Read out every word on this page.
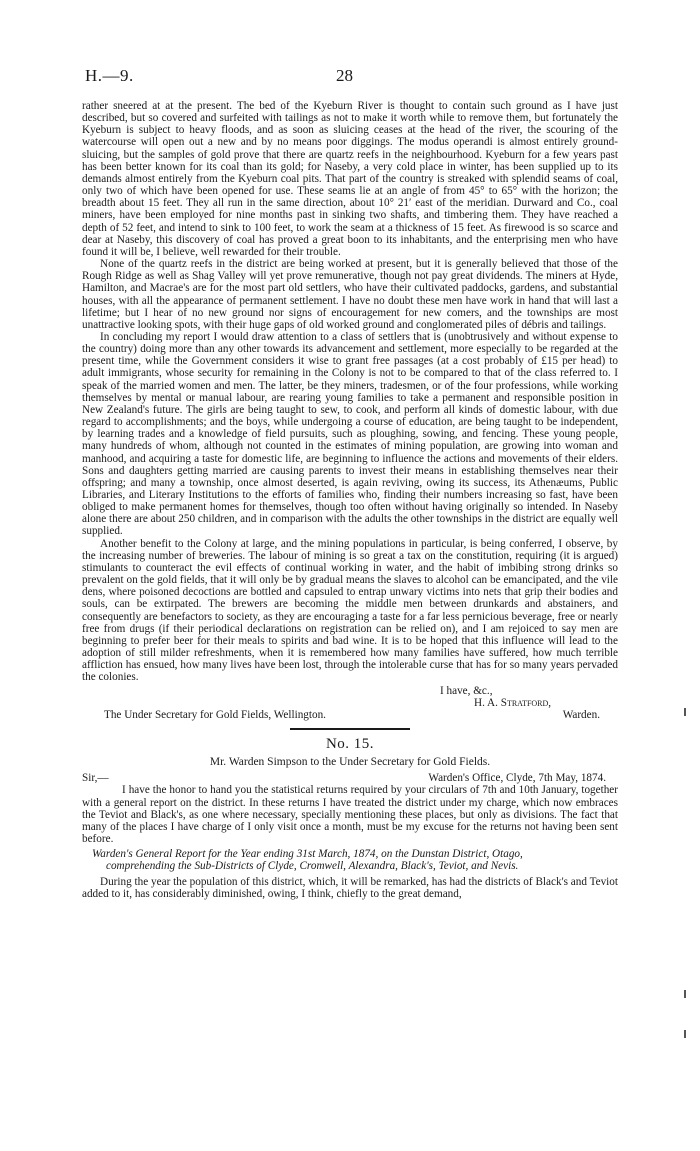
H.—9.	28

rather sneered at at the present. The bed of the Kyeburn River is thought to contain such ground as I have just described, but so covered and surfeited with tailings as not to make it worth while to remove them, but fortunately the Kyeburn is subject to heavy floods, and as soon as sluicing ceases at the head of the river, the scouring of the watercourse will open out a new and by no means poor diggings. The modus operandi is almost entirely ground-sluicing, but the samples of gold prove that there are quartz reefs in the neighbourhood. Kyeburn for a few years past has been better known for its coal than its gold; for Naseby, a very cold place in winter, has been supplied up to its demands almost entirely from the Kyeburn coal pits. That part of the country is streaked with splendid seams of coal, only two of which have been opened for use. These seams lie at an angle of from 45° to 65° with the horizon; the breadth about 15 feet. They all run in the same direction, about 10° 21′ east of the meridian. Durward and Co., coal miners, have been employed for nine months past in sinking two shafts, and timbering them. They have reached a depth of 52 feet, and intend to sink to 100 feet, to work the seam at a thickness of 15 feet. As firewood is so scarce and dear at Naseby, this discovery of coal has proved a great boon to its inhabitants, and the enterprising men who have found it will be, I believe, well rewarded for their trouble.

None of the quartz reefs in the district are being worked at present, but it is generally believed that those of the Rough Ridge as well as Shag Valley will yet prove remunerative, though not pay great dividends. The miners at Hyde, Hamilton, and Macrae's are for the most part old settlers, who have their cultivated paddocks, gardens, and substantial houses, with all the appearance of permanent settlement. I have no doubt these men have work in hand that will last a lifetime; but I hear of no new ground nor signs of encouragement for new comers, and the townships are most unattractive looking spots, with their huge gaps of old worked ground and conglomerated piles of débris and tailings.

In concluding my report I would draw attention to a class of settlers that is (unobtrusively and without expense to the country) doing more than any other towards its advancement and settlement, more especially to be regarded at the present time, while the Government considers it wise to grant free passages (at a cost probably of £15 per head) to adult immigrants, whose security for remaining in the Colony is not to be compared to that of the class referred to. I speak of the married women and men. The latter, be they miners, tradesmen, or of the four professions, while working themselves by mental or manual labour, are rearing young families to take a permanent and responsible position in New Zealand's future. The girls are being taught to sew, to cook, and perform all kinds of domestic labour, with due regard to accomplishments; and the boys, while undergoing a course of education, are being taught to be independent, by learning trades and a knowledge of field pursuits, such as ploughing, sowing, and fencing. These young people, many hundreds of whom, although not counted in the estimates of mining population, are growing into woman and manhood, and acquiring a taste for domestic life, are beginning to influence the actions and movements of their elders. Sons and daughters getting married are causing parents to invest their means in establishing themselves near their offspring; and many a township, once almost deserted, is again reviving, owing its success, its Athenæums, Public Libraries, and Literary Institutions to the efforts of families who, finding their numbers increasing so fast, have been obliged to make permanent homes for themselves, though too often without having originally so intended. In Naseby alone there are about 250 children, and in comparison with the adults the other townships in the district are equally well supplied.

Another benefit to the Colony at large, and the mining populations in particular, is being conferred, I observe, by the increasing number of breweries. The labour of mining is so great a tax on the constitution, requiring (it is argued) stimulants to counteract the evil effects of continual working in water, and the habit of imbibing strong drinks so prevalent on the gold fields, that it will only be by gradual means the slaves to alcohol can be emancipated, and the vile dens, where poisoned decoctions are bottled and capsuled to entrap unwary victims into nets that grip their bodies and souls, can be extirpated. The brewers are becoming the middle men between drunkards and abstainers, and consequently are benefactors to society, as they are encouraging a taste for a far less pernicious beverage, free or nearly free from drugs (if their periodical declarations on registration can be relied on), and I am rejoiced to say men are beginning to prefer beer for their meals to spirits and bad wine. It is to be hoped that this influence will lead to the adoption of still milder refreshments, when it is remembered how many families have suffered, how much terrible affliction has ensued, how many lives have been lost, through the intolerable curse that has for so many years pervaded the colonies.

I have, &c.,
H. A. Stratford,
The Under Secretary for Gold Fields, Wellington.	Warden.
No. 15.
Mr. Warden Simpson to the Under Secretary for Gold Fields.
Sir,—	Warden's Office, Clyde, 7th May, 1874.

I have the honor to hand you the statistical returns required by your circulars of 7th and 10th January, together with a general report on the district. In these returns I have treated the district under my charge, which now embraces the Teviot and Black's, as one where necessary, specially mentioning these places, but only as divisions. The fact that many of the places I have charge of I only visit once a month, must be my excuse for the returns not having been sent before.

Warden's General Report for the Year ending 31st March, 1874, on the Dunstan District, Otago,
comprehending the Sub-Districts of Clyde, Cromwell, Alexandra, Black's, Teviot, and Nevis.

During the year the population of this district, which, it will be remarked, has had the districts of Black's and Teviot added to it, has considerably diminished, owing, I think, chiefly to the great demand,
